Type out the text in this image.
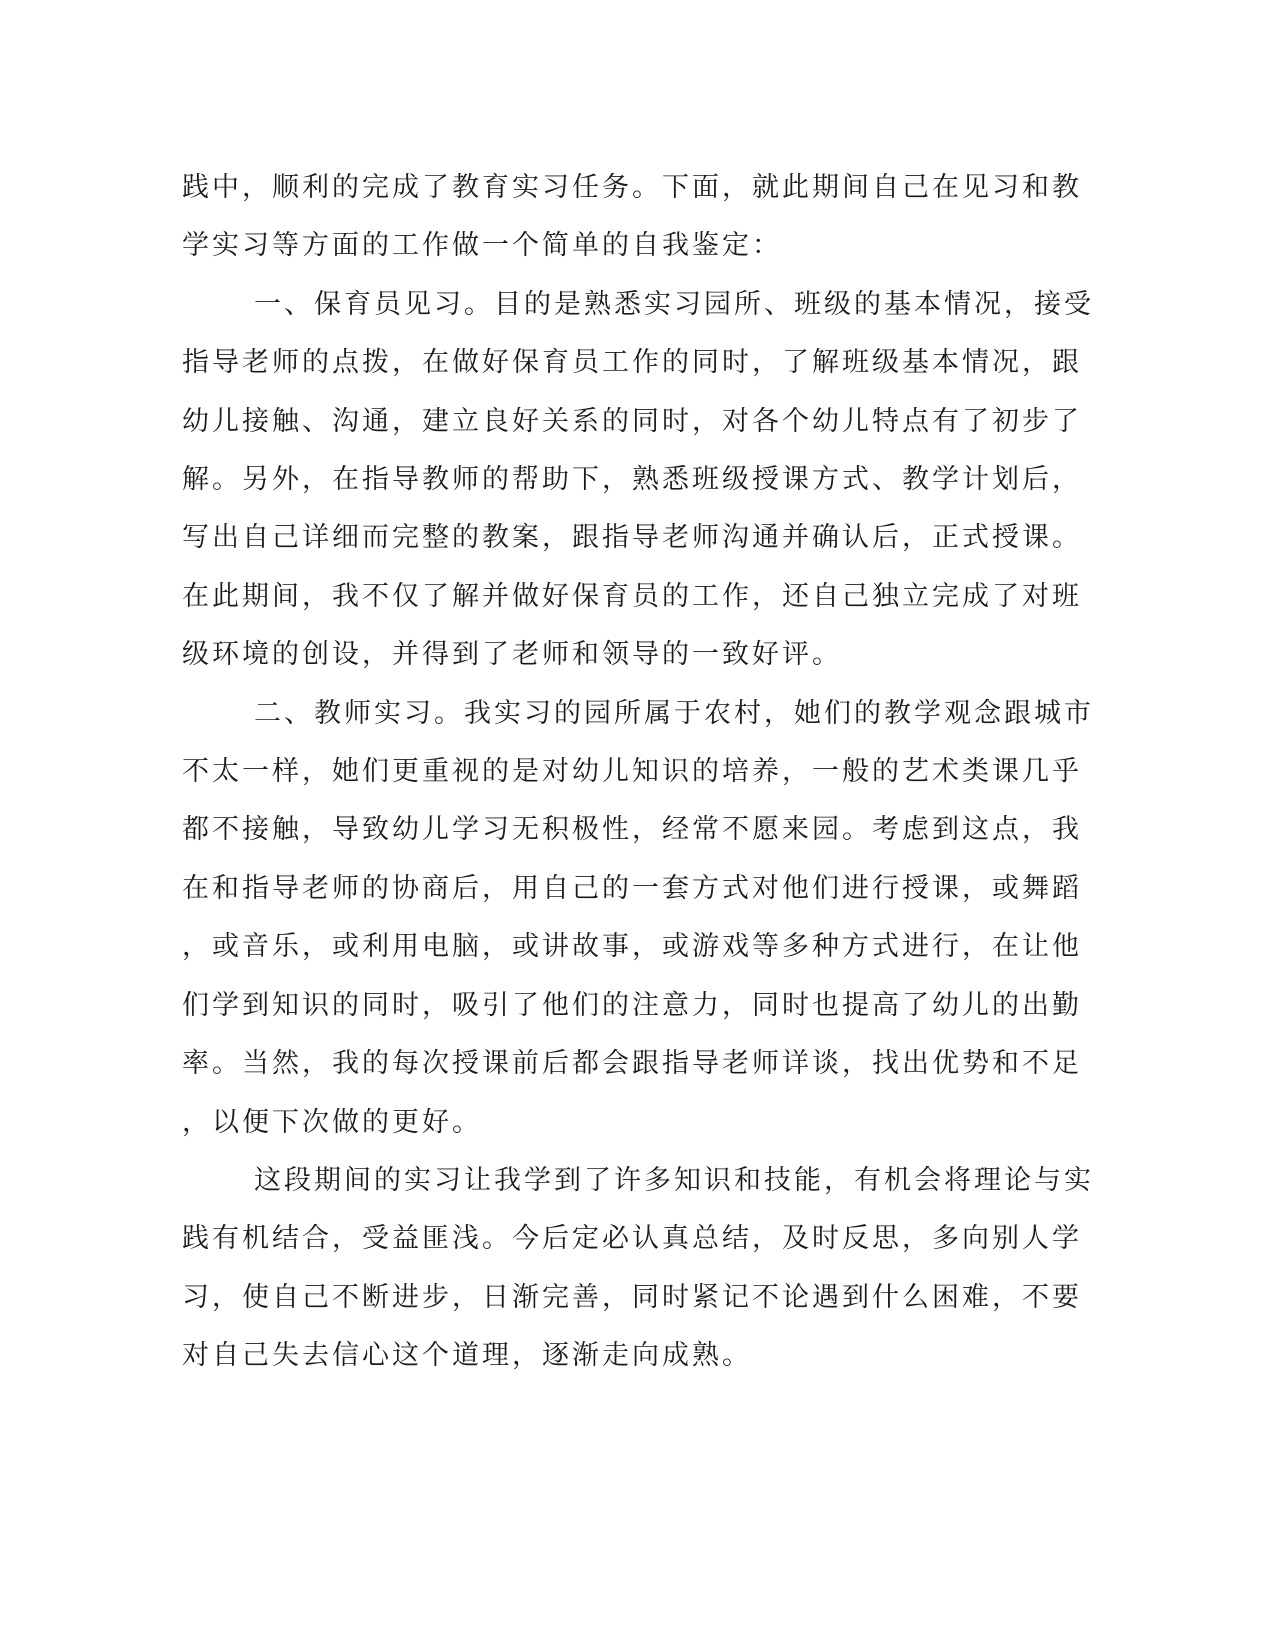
践中，顺利的完成了教育实习任务。下面，就此期间自己在见习和教
学实习等方面的工作做一个简单的自我鉴定：
一、保育员见习。目的是熟悉实习园所、班级的基本情况，接受
指导老师的点拨，在做好保育员工作的同时，了解班级基本情况，跟
幼儿接触、沟通，建立良好关系的同时，对各个幼儿特点有了初步了
解。另外，在指导教师的帮助下，熟悉班级授课方式、教学计划后，
写出自己详细而完整的教案，跟指导老师沟通并确认后，正式授课。
在此期间，我不仅了解并做好保育员的工作，还自己独立完成了对班
级环境的创设，并得到了老师和领导的一致好评。
二、教师实习。我实习的园所属于农村，她们的教学观念跟城市
不太一样，她们更重视的是对幼儿知识的培养，一般的艺术类课几乎
都不接触，导致幼儿学习无积极性，经常不愿来园。考虑到这点，我
在和指导老师的协商后，用自己的一套方式对他们进行授课，或舞蹈
，或音乐，或利用电脑，或讲故事，或游戏等多种方式进行，在让他
们学到知识的同时，吸引了他们的注意力，同时也提高了幼儿的出勤
率。当然，我的每次授课前后都会跟指导老师详谈，找出优势和不足
，以便下次做的更好。
这段期间的实习让我学到了许多知识和技能，有机会将理论与实
践有机结合，受益匪浅。今后定必认真总结，及时反思，多向别人学
习，使自己不断进步，日渐完善，同时紧记不论遇到什么困难，不要
对自己失去信心这个道理，逐渐走向成熟。
